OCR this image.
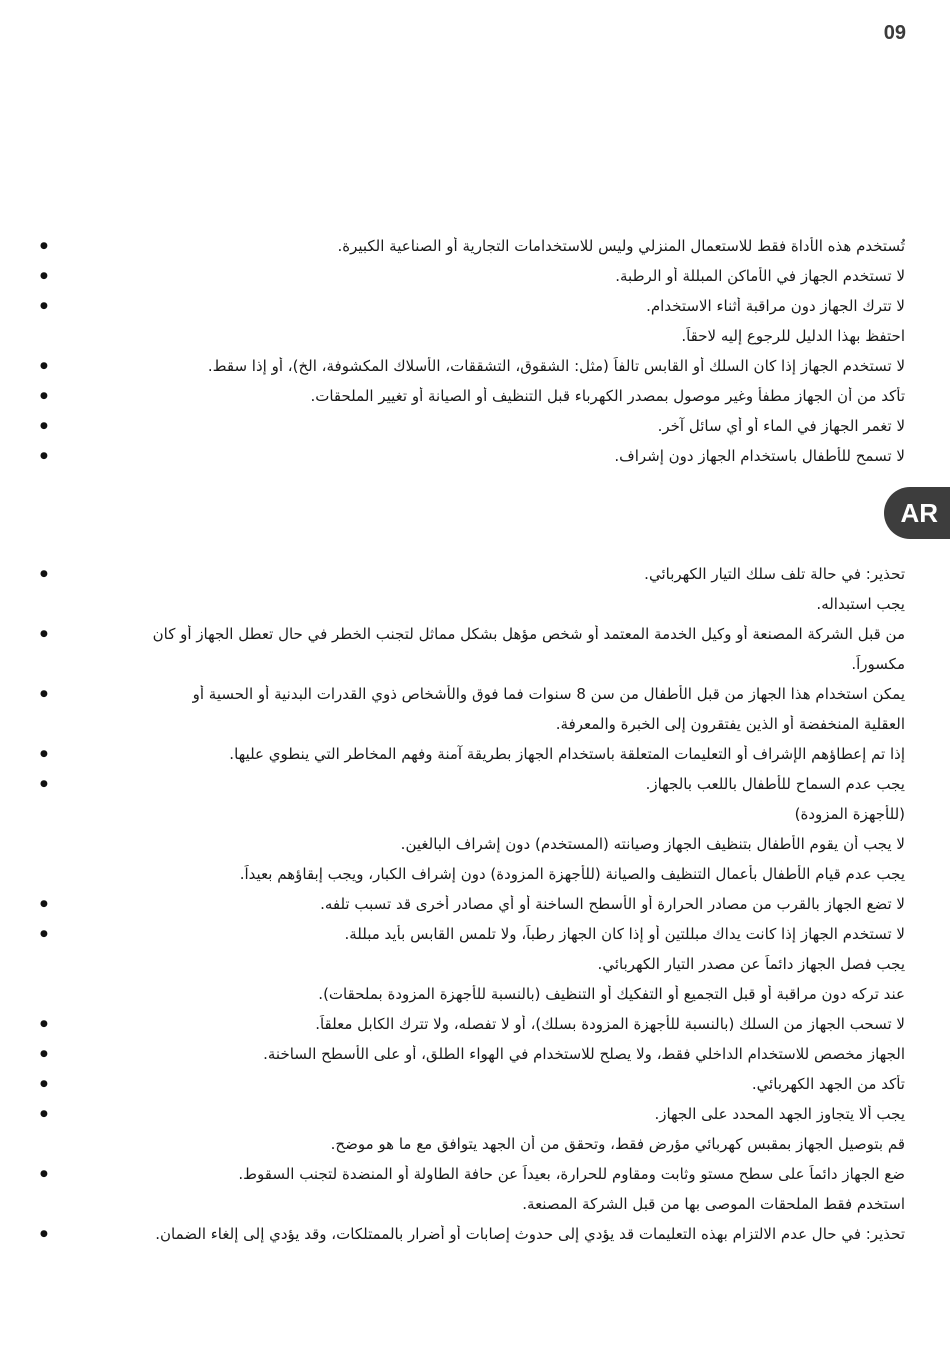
09
AR
● تُستخدم هذه الأداة فقط للاستعمال المنزلي وليس للاستخدامات التجارية أو الصناعية الكبيرة.
● لا تستخدم الجهاز في الأماكن المبللة أو الرطبة.
● لا تترك الجهاز دون مراقبة أثناء الاستخدام.
احتفظ بهذا الدليل للرجوع إليه لاحقاً.
● لا تستخدم الجهاز إذا كان السلك أو القابس تالفاً (مثل: الشقوق، التشققات، الأسلاك المكشوفة، الخ)، أو إذا سقط.
● تأكد من أن الجهاز مطفأ وغير موصول بمصدر الكهرباء قبل التنظيف أو الصيانة أو تغيير الملحقات.
● لا تغمر الجهاز في الماء أو أي سائل آخر.
● لا تسمح للأطفال باستخدام الجهاز دون إشراف.
● تحذير: في حالة تلف سلك التيار الكهربائي.
يجب استبداله.
● من قبل الشركة المصنعة أو وكيل الخدمة المعتمد أو شخص مؤهل بشكل مماثل لتجنب الخطر في حال تعطل الجهاز أو كان
مكسوراً.
● يمكن استخدام هذا الجهاز من قبل الأطفال من سن 8 سنوات فما فوق والأشخاص ذوي القدرات البدنية أو الحسية أو
العقلية المنخفضة أو الذين يفتقرون إلى الخبرة والمعرفة.
● إذا تم إعطاؤهم الإشراف أو التعليمات المتعلقة باستخدام الجهاز بطريقة آمنة وفهم المخاطر التي ينطوي عليها.
● يجب عدم السماح للأطفال باللعب بالجهاز.
(للأجهزة المزودة)
لا يجب أن يقوم الأطفال بتنظيف الجهاز وصيانته (المستخدم) دون إشراف البالغين.
يجب عدم قيام الأطفال بأعمال التنظيف والصيانة (للأجهزة المزودة) دون إشراف الكبار، ويجب إبقاؤهم بعيداً.
● لا تضع الجهاز بالقرب من مصادر الحرارة أو الأسطح الساخنة أو أي مصادر أخرى قد تسبب تلفه.
● لا تستخدم الجهاز إذا كانت يداك مبللتين أو إذا كان الجهاز رطباً، ولا تلمس القابس بأيد مبللة.
يجب فصل الجهاز دائماً عن مصدر التيار الكهربائي.
عند تركه دون مراقبة أو قبل التجميع أو التفكيك أو التنظيف (بالنسبة للأجهزة المزودة بملحقات).
● لا تسحب الجهاز من السلك (بالنسبة للأجهزة المزودة بسلك)، أو لا تفصله، ولا تترك الكابل معلقاً.
● الجهاز مخصص للاستخدام الداخلي فقط، ولا يصلح للاستخدام في الهواء الطلق، أو على الأسطح الساخنة.
● تأكد من الجهد الكهربائي.
● يجب ألا يتجاوز الجهد المحدد على الجهاز.
قم بتوصيل الجهاز بمقبس كهربائي مؤرض فقط، وتحقق من أن الجهد يتوافق مع ما هو موضح.
● ضع الجهاز دائماً على سطح مستوٍ وثابت ومقاوم للحرارة، بعيداً عن حافة الطاولة أو المنضدة لتجنب السقوط.
استخدم فقط الملحقات الموصى بها من قبل الشركة المصنعة.
● تحذير: في حال عدم الالتزام بهذه التعليمات قد يؤدي إلى حدوث إصابات أو أضرار بالممتلكات، وقد يؤدي إلى إلغاء الضمان.
